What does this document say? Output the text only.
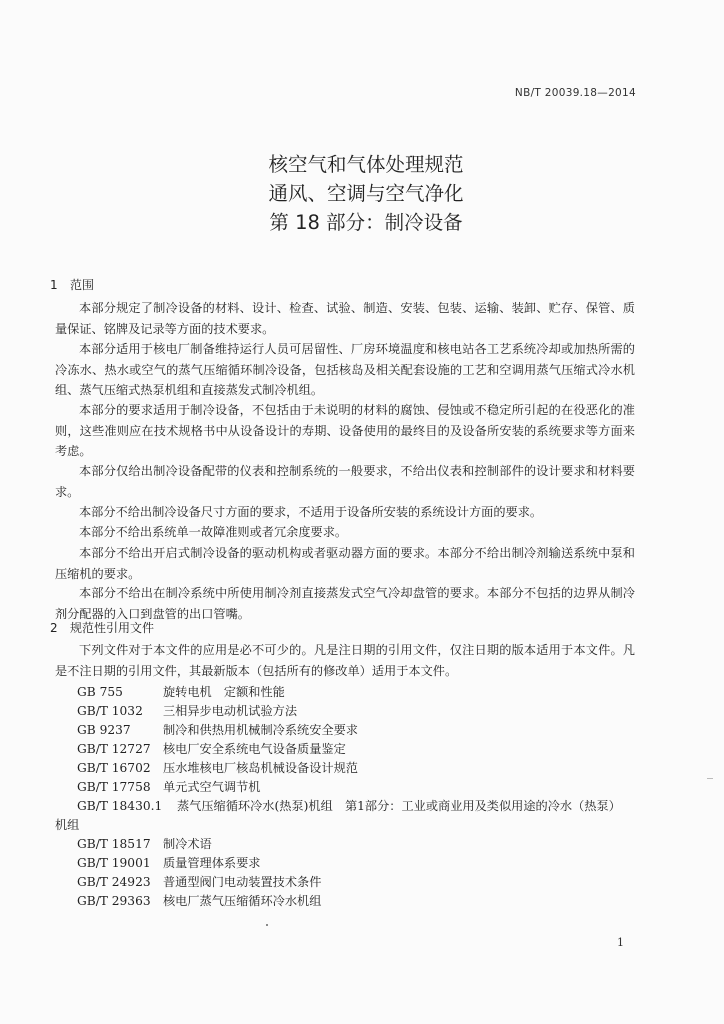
NB/T 20039.18—2014
核空气和气体处理规范
通风、空调与空气净化
第 18 部分：制冷设备
1 范围
本部分规定了制冷设备的材料、设计、检查、试验、制造、安装、包装、运输、装卸、贮存、保管、质量保证、铭牌及记录等方面的技术要求。
本部分适用于核电厂制备维持运行人员可居留性、厂房环境温度和核电站各工艺系统冷却或加热所需的冷冻水、热水或空气的蒸气压缩循环制冷设备，包括核岛及相关配套设施的工艺和空调用蒸气压缩式冷水机组、蒸气压缩式热泵机组和直接蒸发式制冷机组。
本部分的要求适用于制冷设备，不包括由于未说明的材料的腐蚀、侵蚀或不稳定所引起的在役恶化的准则，这些准则应在技术规格书中从设备设计的寿期、设备使用的最终目的及设备所安装的系统要求等方面来考虑。
本部分仅给出制冷设备配带的仪表和控制系统的一般要求，不给出仪表和控制部件的设计要求和材料要求。
本部分不给出制冷设备尺寸方面的要求，不适用于设备所安装的系统设计方面的要求。
本部分不给出系统单一故障准则或者冗余度要求。
本部分不给出开启式制冷设备的驱动机构或者驱动器方面的要求。本部分不给出制冷剂输送系统中泵和压缩机的要求。
本部分不给出在制冷系统中所使用制冷剂直接蒸发式空气冷却盘管的要求。本部分不包括的边界从制冷剂分配器的入口到盘管的出口管嘴。
2 规范性引用文件
下列文件对于本文件的应用是必不可少的。凡是注日期的引用文件，仅注日期的版本适用于本文件。凡是不注日期的引用文件，其最新版本（包括所有的修改单）适用于本文件。
GB 755	旋转电机　定额和性能
GB/T 1032 三相异步电动机试验方法
GB 9237	制冷和供热用机械制冷系统安全要求
GB/T 12727 核电厂安全系统电气设备质量鉴定
GB/T 16702 压水堆核电厂核岛机械设备设计规范
GB/T 17758 单元式空气调节机
GB/T 18430.1 蒸气压缩循环冷水(热泵)机组　第1部分：工业或商业用及类似用途的冷水（热泵）
机组
GB/T 18517 制冷术语
GB/T 19001 质量管理体系要求
GB/T 24923 普通型阀门电动装置技术条件
GB/T 29363 核电厂蒸气压缩循环冷水机组
1
